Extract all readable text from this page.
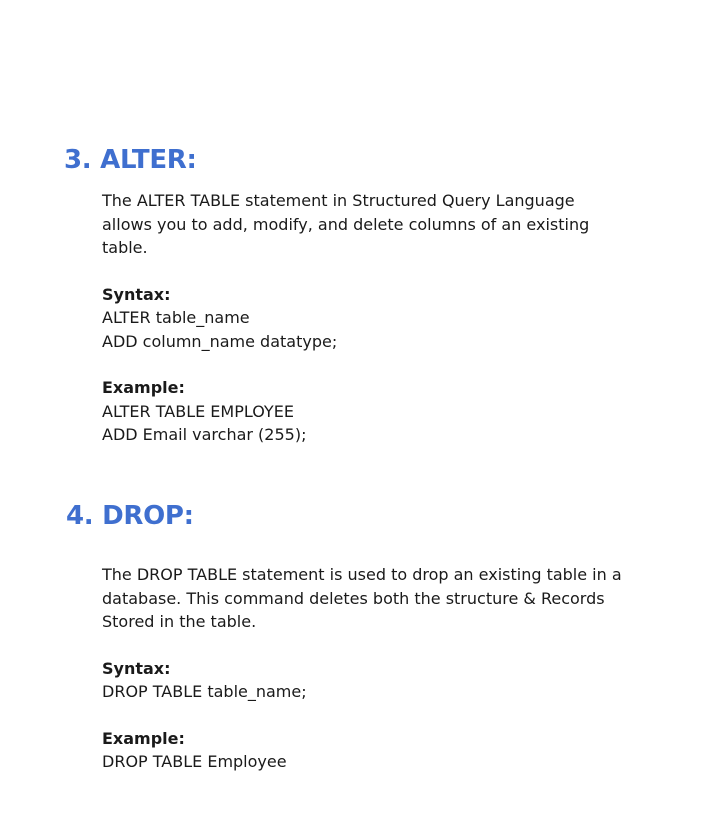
3. ALTER:

The ALTER TABLE statement in Structured Query Language
allows you to add, modify, and delete columns of an existing
table.

Syntax:
ALTER table_name
ADD column_name datatype;
Example:
ALTER TABLE EMPLOYEE
ADD Email varchar (255);
4. DROP:

The DROP TABLE statement is used to drop an existing table in a
database. This command deletes both the structure & Records
Stored in the table.

Syntax:
DROP TABLE table_name;
Example:
DROP TABLE Employee
